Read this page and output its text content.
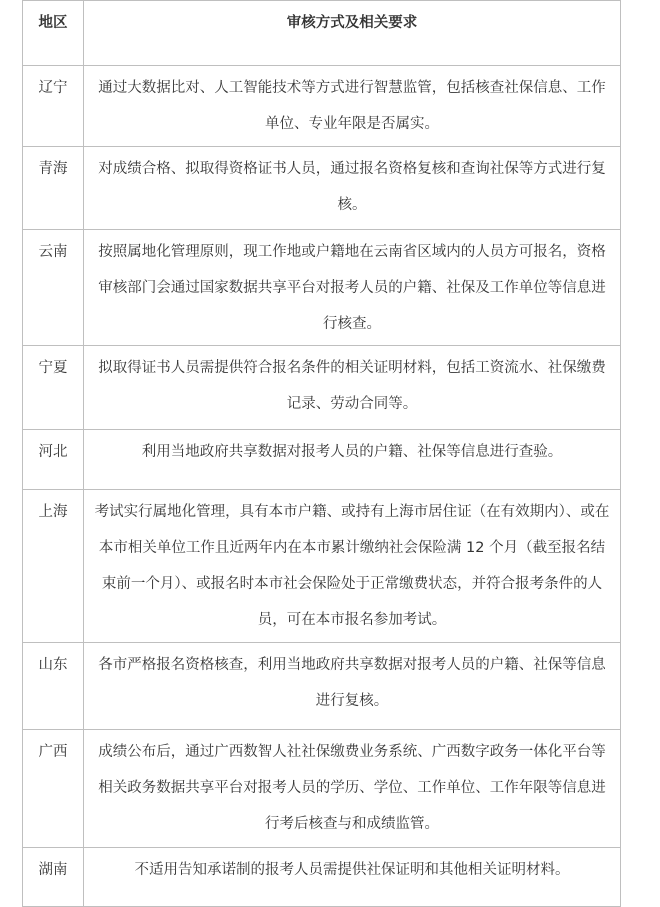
地区	审核方式及相关要求
辽宁	通过大数据比对、人工智能技术等方式进行智慧监管，包括核查社保信息、工作单位、专业年限是否属实。
青海	对成绩合格、拟取得资格证书人员，通过报名资格复核和查询社保等方式进行复核。
云南	按照属地化管理原则，现工作地或户籍地在云南省区域内的人员方可报名，资格审核部门会通过国家数据共享平台对报考人员的户籍、社保及工作单位等信息进行核查。
宁夏	拟取得证书人员需提供符合报名条件的相关证明材料，包括工资流水、社保缴费记录、劳动合同等。
河北	利用当地政府共享数据对报考人员的户籍、社保等信息进行查验。
上海	考试实行属地化管理，具有本市户籍、或持有上海市居住证（在有效期内）、或在本市相关单位工作且近两年内在本市累计缴纳社会保险满 12 个月（截至报名结束前一个月）、或报名时本市社会保险处于正常缴费状态，并符合报考条件的人员，可在本市报名参加考试。
山东	各市严格报名资格核查，利用当地政府共享数据对报考人员的户籍、社保等信息进行复核。
广西	成绩公布后，通过广西数智人社社保缴费业务系统、广西数字政务一体化平台等相关政务数据共享平台对报考人员的学历、学位、工作单位、工作年限等信息进行考后核查与和成绩监管。
湖南	不适用告知承诺制的报考人员需提供社保证明和其他相关证明材料。
